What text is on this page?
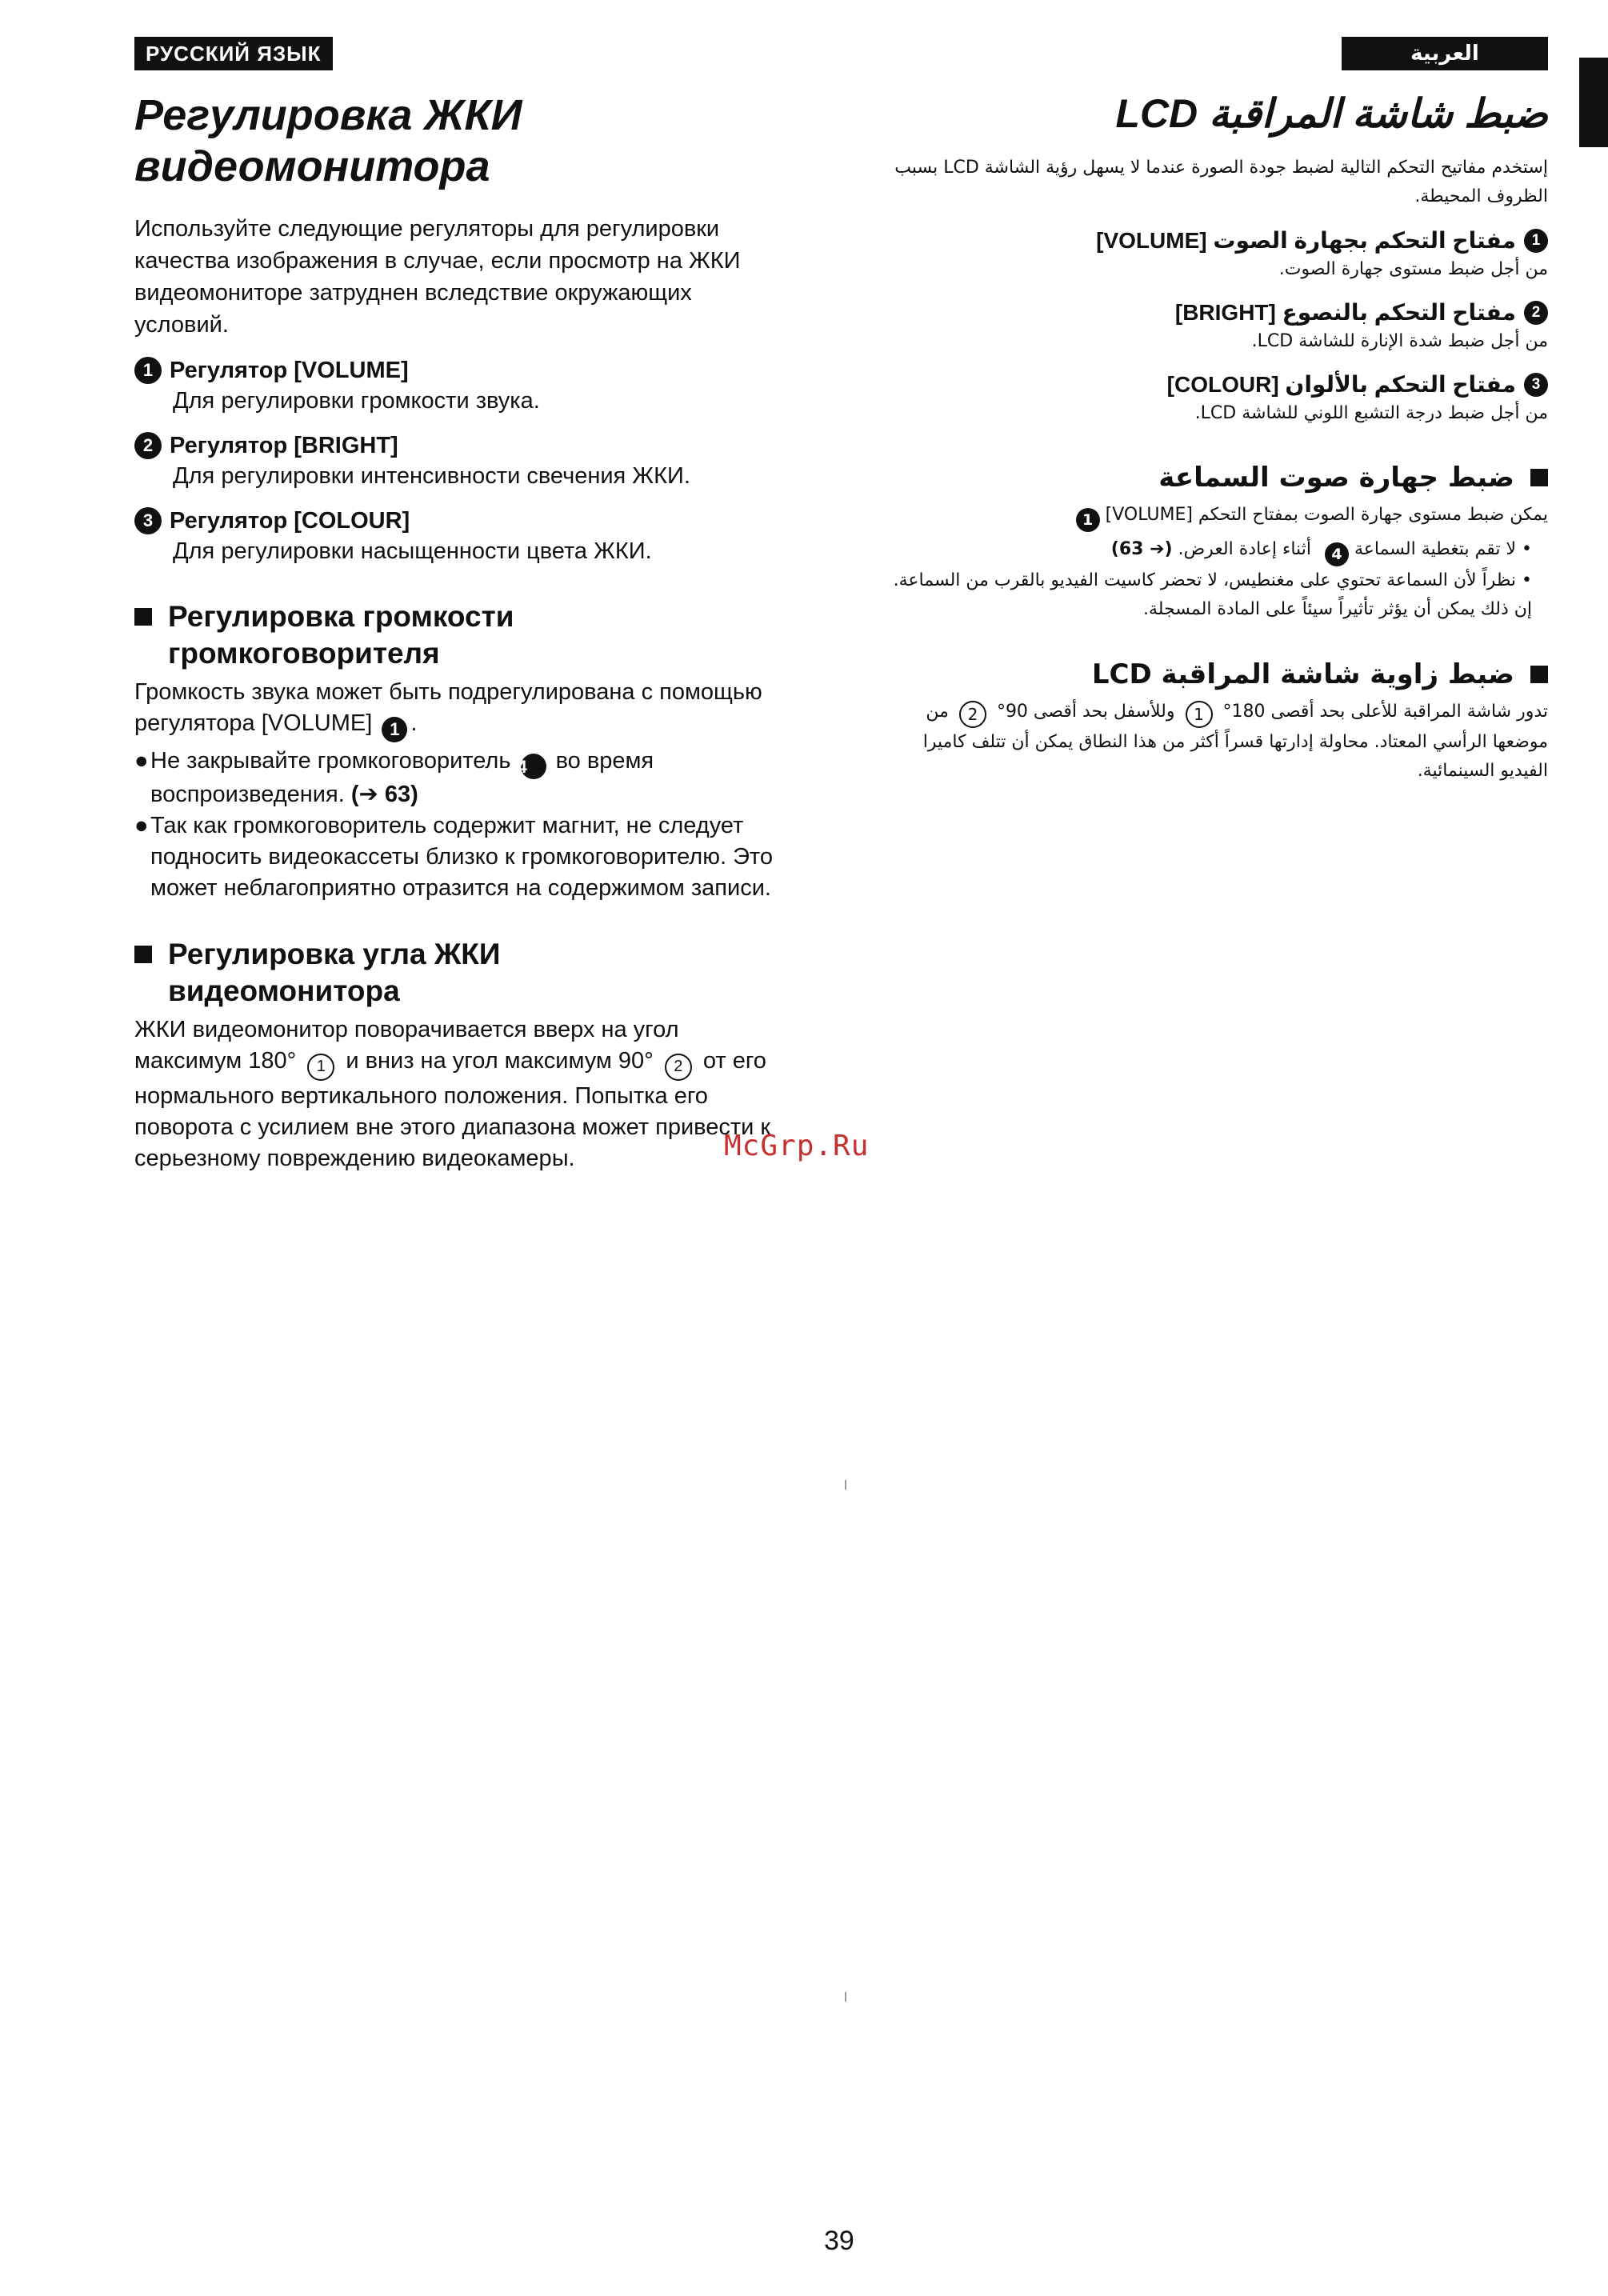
РУССКИЙ ЯЗЫК
Регулировка ЖКИ
видеомонитора

Используйте следующие регуляторы для регулировки качества изображения в случае, если просмотр на ЖКИ видеомониторе затруднен вследствие окружающих условий.

1 Регулятор [VOLUME]
Для регулировки громкости звука.
2 Регулятор [BRIGHT]
Для регулировки интенсивности свечения ЖКИ.
3 Регулятор [COLOUR]
Для регулировки насыщенности цвета ЖКИ.
Регулировка громкости
громкоговорителя
Громкость звука может быть подрегулирована с помощью регулятора [VOLUME] 1 .
●Не закрывайте громкоговоритель 4 во время воспроизведения. (➔ 63)
●Так как громкоговоритель содержит магнит, не следует подносить видеокассеты близко к громкоговорителю. Это может неблагоприятно отразится на содержимом записи.
Регулировка угла ЖКИ
видеомонитора
ЖКИ видеомонитор поворачивается вверх на угол максимум 180° 1 и вниз на угол максимум 90° 2 от его нормального вертикального положения. Попытка его поворота с усилием вне этого диапазона может привести к серьезному повреждению видеокамеры.
العربية
ضبط شاشة المراقبة LCD

إستخدم مفاتيح التحكم التالية لضبط جودة الصورة عندما لا يسهل رؤية الشاشة LCD بسبب الظروف المحيطة.

1
مفتاح التحكم بجهارة الصوت [VOLUME]
من أجل ضبط مستوى جهارة الصوت.
2
مفتاح التحكم بالنصوع [BRIGHT]
من أجل ضبط شدة الإنارة للشاشة LCD.
3
مفتاح التحكم بالألوان [COLOUR]
من أجل ضبط درجة التشبع اللوني للشاشة LCD.
ضبط جهارة صوت السماعة
يمكن ضبط مستوى جهارة الصوت بمفتاح التحكم [VOLUME] 1
•لا تقم بتغطية السماعة 4 أثناء إعادة العرض. (➔ 63)
•نظراً لأن السماعة تحتوي على مغنطيس، لا تحضر كاسيت الفيديو بالقرب من السماعة. إن ذلك يمكن أن يؤثر تأثيراً سيئاً على المادة المسجلة.
ضبط زاوية شاشة المراقبة LCD
تدور شاشة المراقبة للأعلى بحد أقصى 180° 1 وللأسفل بحد أقصى 90° 2 من موضعها الرأسي المعتاد. محاولة إدارتها قسراً أكثر من هذا النطاق يمكن أن تتلف كاميرا الفيديو السينمائية.
McGrp.Ru
39
